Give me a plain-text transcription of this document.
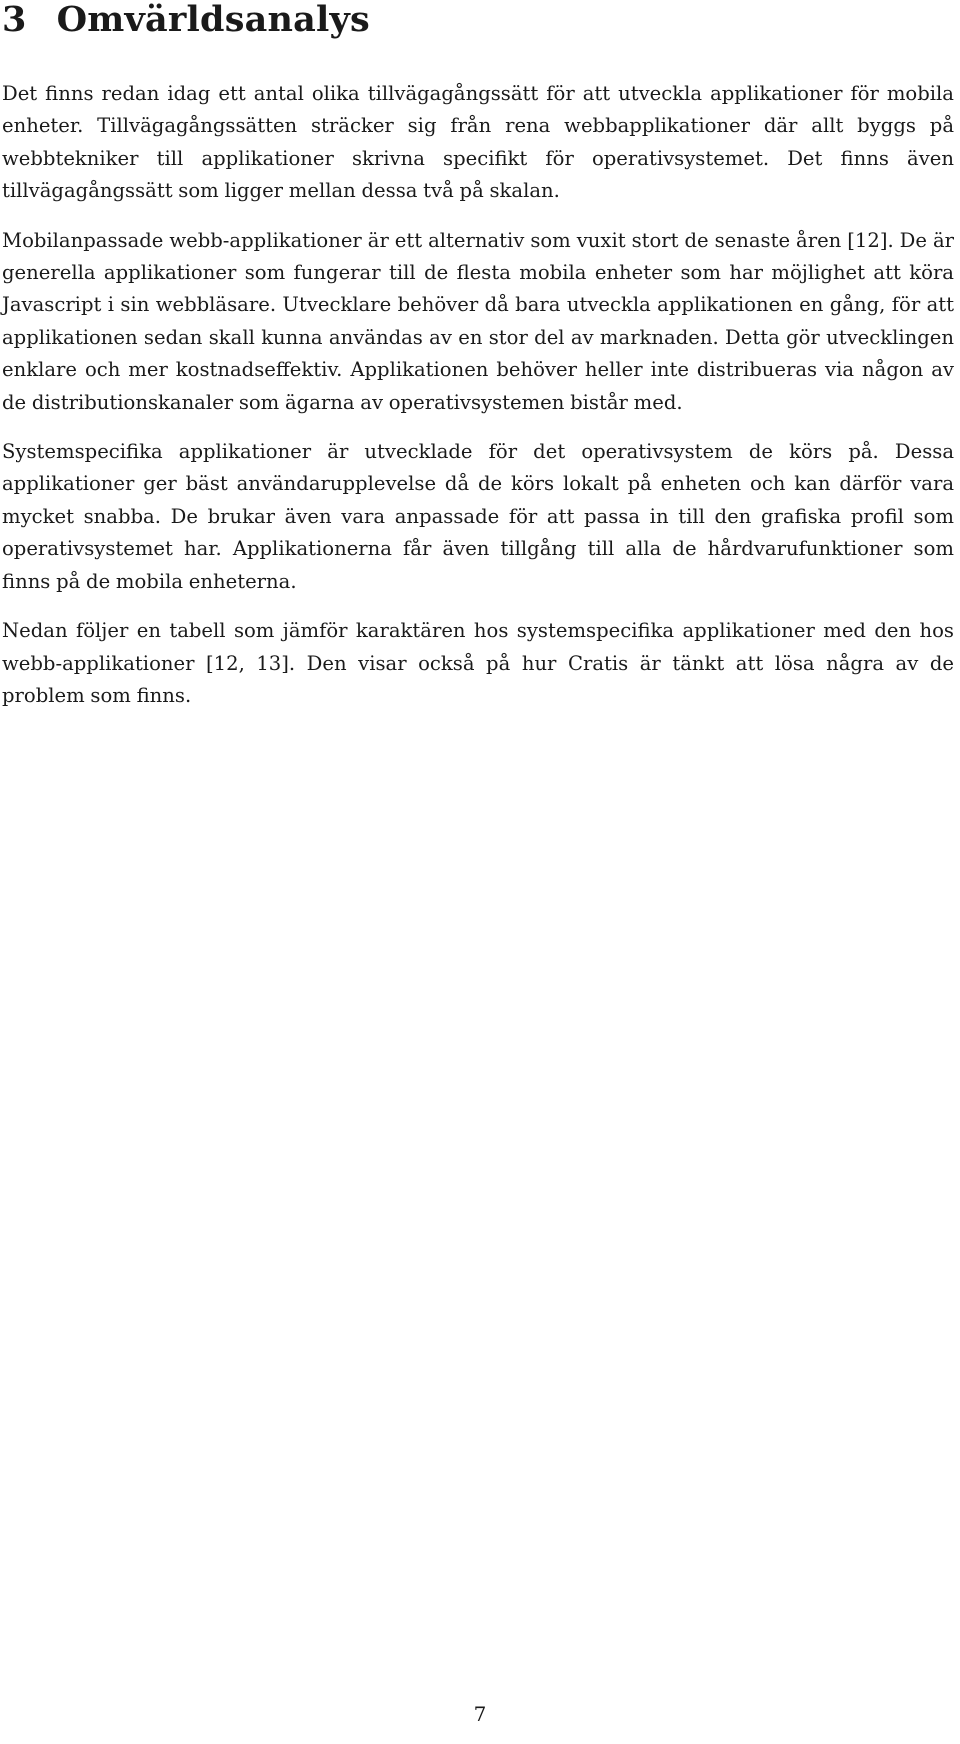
3 Omvärldsanalys

Det finns redan idag ett antal olika tillvägagångssätt för att utveckla applikationer för mobila enheter. Tillvägagångssätten sträcker sig från rena webbapplikationer där allt byggs på webbtekniker till applikationer skrivna specifikt för operativsystemet. Det finns även tillvägagångssätt som ligger mellan dessa två på skalan.

Mobilanpassade webb-applikationer är ett alternativ som vuxit stort de senaste åren [12]. De är generella applikationer som fungerar till de flesta mobila enheter som har möjlighet att köra Javascript i sin webbläsare. Utvecklare behöver då bara utveckla applikationen en gång, för att applikationen sedan skall kunna användas av en stor del av marknaden. Detta gör utvecklingen enklare och mer kostnadseffektiv. Applikationen behöver heller inte distribueras via någon av de distributionskanaler som ägarna av operativsystemen bistår med.

Systemspecifika applikationer är utvecklade för det operativsystem de körs på. Dessa applikationer ger bäst användarupplevelse då de körs lokalt på enheten och kan därför vara mycket snabba. De brukar även vara anpassade för att passa in till den grafiska profil som operativsystemet har. Applikationerna får även tillgång till alla de hårdvarufunktioner som finns på de mobila enheterna.

Nedan följer en tabell som jämför karaktären hos systemspecifika applikationer med den hos webb-applikationer [12, 13]. Den visar också på hur Cratis är tänkt att lösa några av de problem som finns.

7
